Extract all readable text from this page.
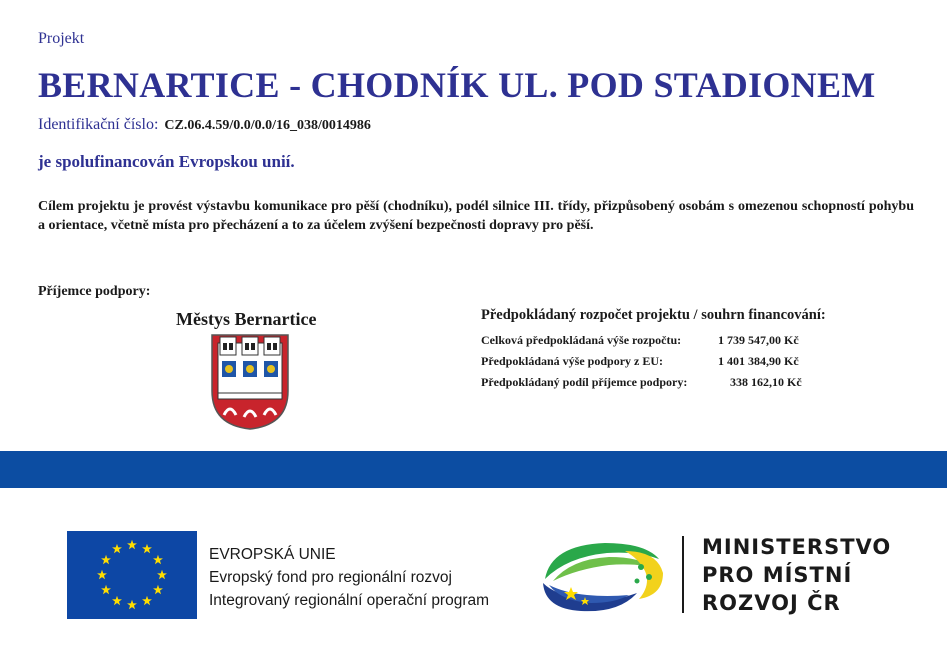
Projekt
BERNARTICE - CHODNÍK UL. POD STADIONEM
Identifikační číslo: CZ.06.4.59/0.0/0.0/16_038/0014986
je spolufinancován Evropskou unií.
Cílem projektu je provést výstavbu komunikace pro pěší (chodníku), podél silnice III. třídy, přizpůsobený osobám s omezenou schopností pohybu a orientace, včetně místa pro přecházení a to za účelem zvýšení bezpečnosti dopravy pro pěší.
Příjemce podpory:
Městys Bernartice	Předpokládaný rozpočet projektu / souhrn financování:
Celková předpokládaná výše rozpočtu:	1 739 547,00 Kč
Předpokládaná výše podpory z EU:	1 401 384,90 Kč
Předpokládaný podíl příjemce podpory:	338 162,10 Kč
EVROPSKÁ UNIE
Evropský fond pro regionální rozvoj
Integrovaný regionální operační program
MINISTERSTVO
PRO MÍSTNÍ
ROZVOJ ČR
